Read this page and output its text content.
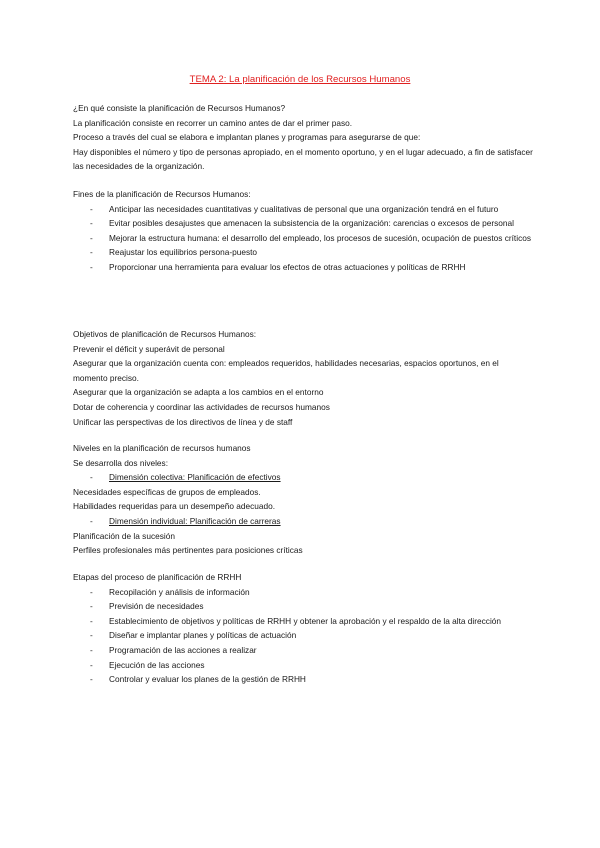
TEMA 2: La planificación de los Recursos Humanos

¿En qué consiste la planificación de Recursos Humanos?

La planificación consiste en recorrer un camino antes de dar el primer paso.

Proceso a través del cual se elabora e implantan planes y programas para asegurarse de que:

Hay disponibles el número y tipo de personas apropiado, en el momento oportuno, y en el lugar adecuado, a fin de satisfacer las necesidades de la organización.

Fines de la planificación de Recursos Humanos:

- Anticipar las necesidades cuantitativas y cualitativas de personal que una organización tendrá en el futuro
- Evitar posibles desajustes que amenacen la subsistencia de la organización: carencias o excesos de personal
- Mejorar la estructura humana: el desarrollo del empleado, los procesos de sucesión, ocupación de puestos críticos
- Reajustar los equilibrios persona-puesto
- Proporcionar una herramienta para evaluar los efectos de otras actuaciones y políticas de RRHH

Objetivos de planificación de Recursos Humanos:

Prevenir el déficit y superávit de personal

Asegurar que la organización cuenta con: empleados requeridos, habilidades necesarias, espacios oportunos, en el momento preciso.

Asegurar que la organización se adapta a los cambios en el entorno

Dotar de coherencia y coordinar las actividades de recursos humanos

Unificar las perspectivas de los directivos de línea y de staff

Niveles en la planificación de recursos humanos

Se desarrolla dos niveles:

- Dimensión colectiva: Planificación de efectivos

Necesidades específicas de grupos de empleados.

Habilidades requeridas para un desempeño adecuado.

- Dimensión individual: Planificación de carreras

Planificación de la sucesión

Perfiles profesionales más pertinentes para posiciones críticas

Etapas del proceso de planificación de RRHH

- Recopilación y análisis de información
- Previsión de necesidades
- Establecimiento de objetivos y políticas de RRHH y obtener la aprobación y el respaldo de la alta dirección
- Diseñar e implantar planes y políticas de actuación
- Programación de las acciones a realizar
- Ejecución de las acciones
- Controlar y evaluar los planes de la gestión de RRHH
